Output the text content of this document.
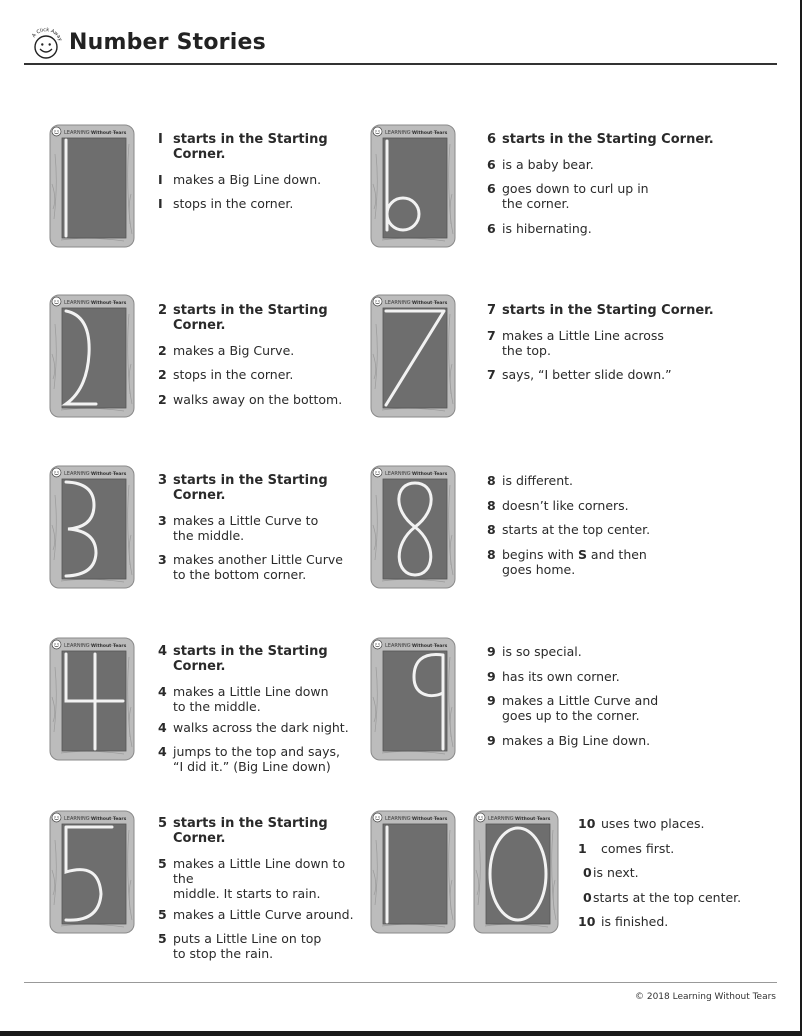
A Click Away Number Stories
LEARNING Without Tears I starts in the Starting Corner.
I makes a Big Line down.
I stops in the corner.
LEARNING Without Tears	6 starts in the Starting Corner.
6 is a baby bear.
6 goes down to curl up in
the corner.
6 is hibernating.
LEARNING Without Tears 2 starts in the Starting Corner.
2 makes a Big Curve.
2 stops in the corner.
2 walks away on the bottom.
LEARNING Without Tears	7 starts in the Starting Corner.
7 makes a Little Line across
the top.
7 says, “I better slide down.”
LEARNING Without Tears 3 starts in the Starting Corner.
3 makes a Little Curve to
the middle.
3 makes another Little Curve
to the bottom corner.
LEARNING Without Tears	8 is different.
8 doesn’t like corners.
8 starts at the top center.
8 begins with S and then
goes home.
LEARNING Without Tears 4 starts in the Starting Corner.
4 makes a Little Line down
to the middle.
4 walks across the dark night.
4 jumps to the top and says,
“I did it.” (Big Line down)
LEARNING Without Tears	9 is so special.
9 has its own corner.
9 makes a Little Curve and
goes up to the corner.
9 makes a Big Line down.
LEARNING Without Tears 5 starts in the Starting Corner.
5 makes a Little Line down to the
middle. It starts to rain.
5 makes a Little Curve around.
5 puts a Little Line on top
to stop the rain.
LEARNING Without Tears	LEARNING Without Tears 10 uses two places.
1 comes first.
0 is next.
0 starts at the top center.
10 is finished.
© 2018 Learning Without Tears
